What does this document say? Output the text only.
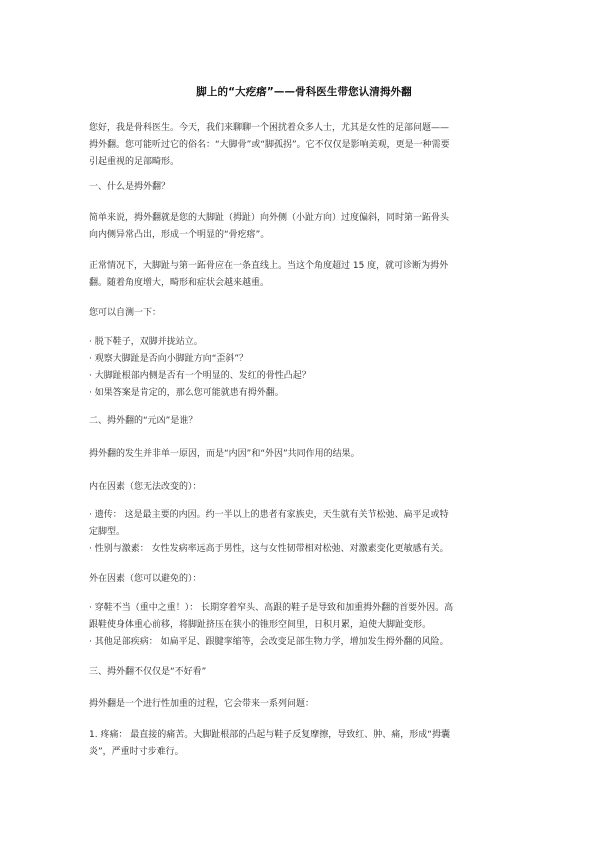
脚上的“大疙瘩”——骨科医生带您认清拇外翻

您好，我是骨科医生。今天，我们来聊聊一个困扰着众多人士，尤其是女性的足部问题——
拇外翻。您可能听过它的俗名：“大脚骨”或“脚孤拐”。它不仅仅是影响美观，更是一种需要
引起重视的足部畸形。

一、什么是拇外翻？

简单来说，拇外翻就是您的大脚趾（拇趾）向外侧（小趾方向）过度偏斜，同时第一跖骨头
向内侧异常凸出，形成一个明显的“骨疙瘩”。

正常情况下，大脚趾与第一跖骨应在一条直线上。当这个角度超过 15 度，就可诊断为拇外
翻。随着角度增大，畸形和症状会越来越重。

您可以自测一下：

· 脱下鞋子，双脚并拢站立。
· 观察大脚趾是否向小脚趾方向“歪斜”？
· 大脚趾根部内侧是否有一个明显的、发红的骨性凸起？
· 如果答案是肯定的，那么您可能就患有拇外翻。

二、拇外翻的“元凶”是谁？

拇外翻的发生并非单一原因，而是“内因”和“外因”共同作用的结果。

内在因素（您无法改变的）：

· 遗传： 这是最主要的内因。约一半以上的患者有家族史，天生就有关节松弛、扁平足或特
定脚型。
· 性别与激素： 女性发病率远高于男性，这与女性韧带相对松弛、对激素变化更敏感有关。

外在因素（您可以避免的）：

· 穿鞋不当（重中之重！）： 长期穿着窄头、高跟的鞋子是导致和加重拇外翻的首要外因。高
跟鞋使身体重心前移，将脚趾挤压在狭小的锥形空间里，日积月累，迫使大脚趾变形。
· 其他足部疾病： 如扁平足、跟腱挛缩等，会改变足部生物力学，增加发生拇外翻的风险。

三、拇外翻不仅仅是“不好看”

拇外翻是一个进行性加重的过程，它会带来一系列问题：

1. 疼痛： 最直接的痛苦。大脚趾根部的凸起与鞋子反复摩擦，导致红、肿、痛，形成“拇囊
炎”，严重时寸步难行。
